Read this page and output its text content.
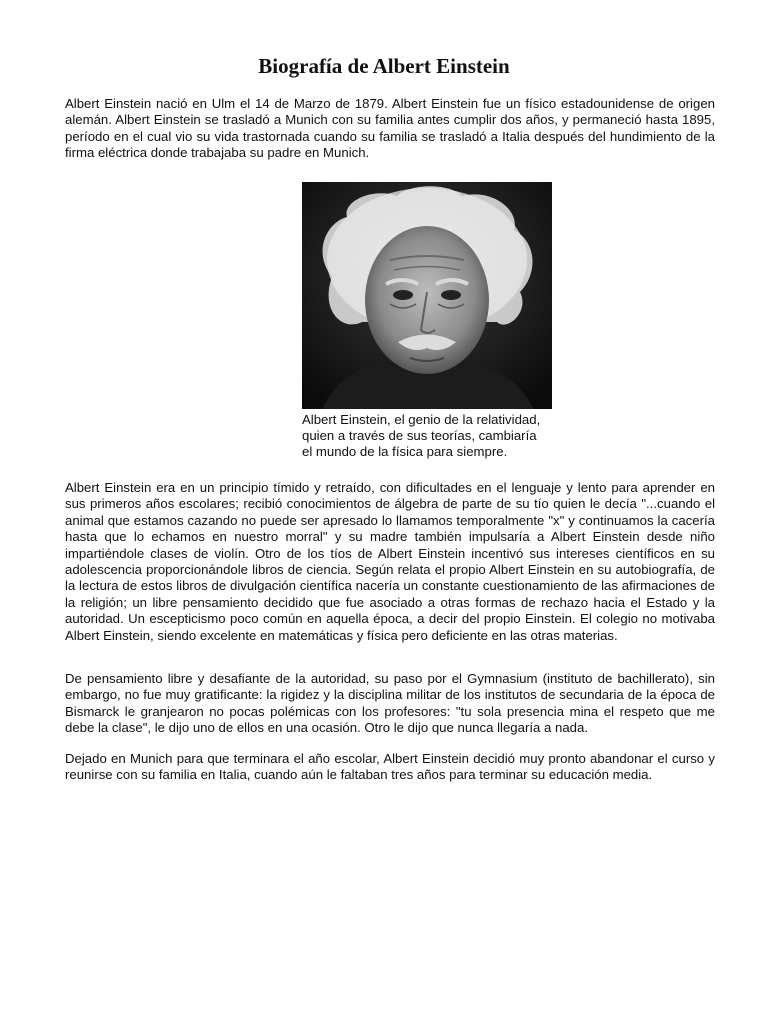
Biografía de Albert Einstein

Albert Einstein nació en Ulm el 14 de Marzo de 1879. Albert Einstein fue un físico estadounidense de origen alemán. Albert Einstein se trasladó a Munich con su familia antes cumplir dos años, y permaneció hasta 1895, período en el cual vio su vida trastornada cuando su familia se trasladó a Italia después del hundimiento de la firma eléctrica donde trabajaba su padre en Munich.

Albert Einstein, el genio de la relatividad,
quien a través de sus teorías, cambiaría
el mundo de la física para siempre.

Albert Einstein era en un principio tímido y retraído, con dificultades en el lenguaje y lento para aprender en sus primeros años escolares; recibió conocimientos de álgebra de parte de su tío quien le decía "...cuando el animal que estamos cazando no puede ser apresado lo llamamos temporalmente "x" y continuamos la cacería hasta que lo echamos en nuestro morral" y su madre también impulsaría a Albert Einstein desde niño impartiéndole clases de violín. Otro de los tíos de Albert Einstein incentivó sus intereses científicos en su adolescencia proporcionándole libros de ciencia. Según relata el propio Albert Einstein en su autobiografía, de la lectura de estos libros de divulgación científica nacería un constante cuestionamiento de las afirmaciones de la religión; un libre pensamiento decidido que fue asociado a otras formas de rechazo hacia el Estado y la autoridad. Un escepticismo poco común en aquella época, a decir del propio Einstein. El colegio no motivaba Albert Einstein, siendo excelente en matemáticas y física pero deficiente en las otras materias.

De pensamiento libre y desafiante de la autoridad, su paso por el Gymnasium (instituto de bachillerato), sin embargo, no fue muy gratificante: la rigidez y la disciplina militar de los institutos de secundaria de la época de Bismarck le granjearon no pocas polémicas con los profesores: "tu sola presencia mina el respeto que me debe la clase", le dijo uno de ellos en una ocasión. Otro le dijo que nunca llegaría a nada.

Dejado en Munich para que terminara el año escolar, Albert Einstein decidió muy pronto abandonar el curso y reunirse con su familia en Italia, cuando aún le faltaban tres años para terminar su educación media.
